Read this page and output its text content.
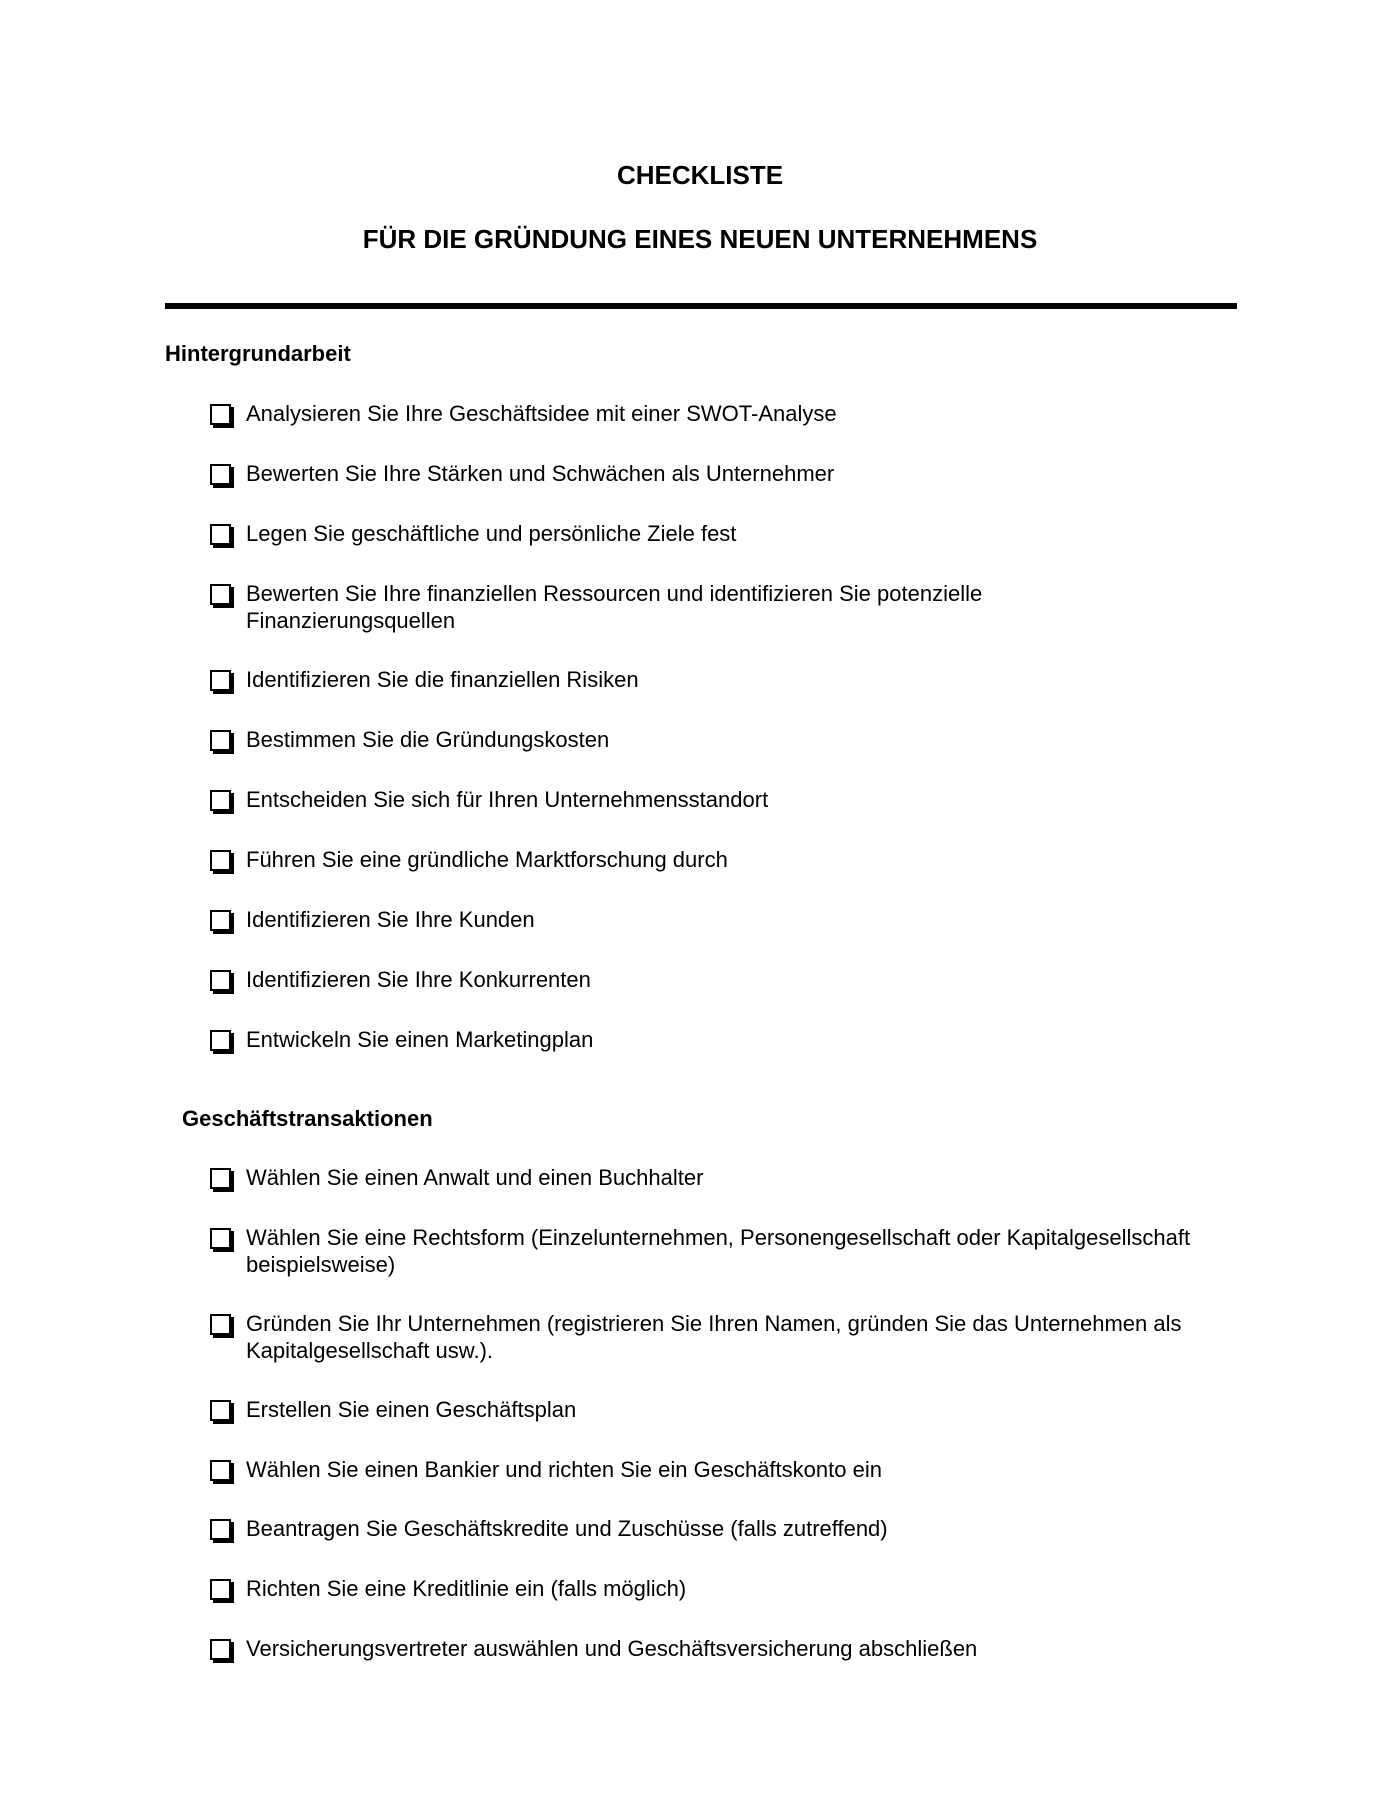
CHECKLISTE
FÜR DIE GRÜNDUNG EINES NEUEN UNTERNEHMENS
Hintergrundarbeit
Analysieren Sie Ihre Geschäftsidee mit einer SWOT-Analyse
Bewerten Sie Ihre Stärken und Schwächen als Unternehmer
Legen Sie geschäftliche und persönliche Ziele fest
Bewerten Sie Ihre finanziellen Ressourcen und identifizieren Sie potenzielle Finanzierungsquellen
Identifizieren Sie die finanziellen Risiken
Bestimmen Sie die Gründungskosten
Entscheiden Sie sich für Ihren Unternehmensstandort
Führen Sie eine gründliche Marktforschung durch
Identifizieren Sie Ihre Kunden
Identifizieren Sie Ihre Konkurrenten
Entwickeln Sie einen Marketingplan
Geschäftstransaktionen
Wählen Sie einen Anwalt und einen Buchhalter
Wählen Sie eine Rechtsform (Einzelunternehmen, Personengesellschaft oder Kapitalgesellschaft beispielsweise)
Gründen Sie Ihr Unternehmen (registrieren Sie Ihren Namen, gründen Sie das Unternehmen als Kapitalgesellschaft usw.).
Erstellen Sie einen Geschäftsplan
Wählen Sie einen Bankier und richten Sie ein Geschäftskonto ein
Beantragen Sie Geschäftskredite und Zuschüsse (falls zutreffend)
Richten Sie eine Kreditlinie ein (falls möglich)
Versicherungsvertreter auswählen und Geschäftsversicherung abschließen
